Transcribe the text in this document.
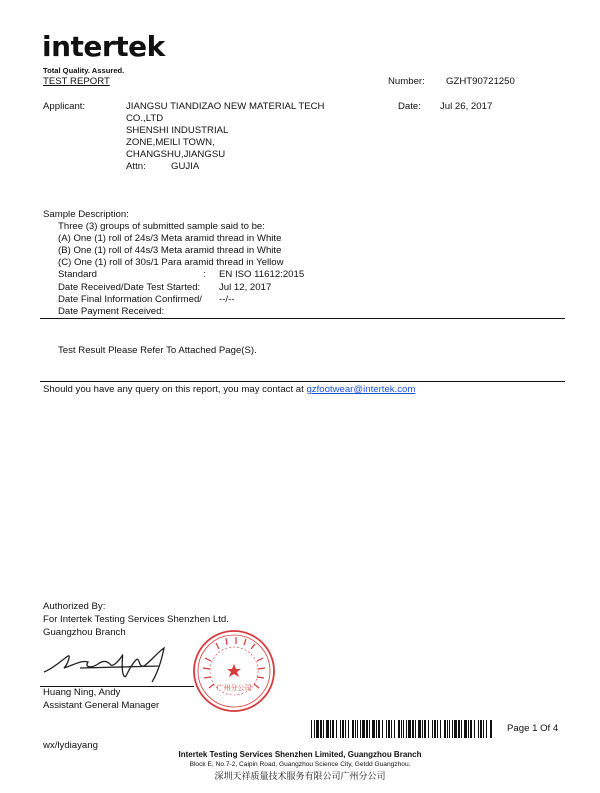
intertek
Total Quality. Assured.
TEST REPORT	Number: GZHT90721250
Applicant:	JIANGSU TIANDIZAO NEW MATERIAL TECH
CO.,LTD
SHENSHI INDUSTRIAL
ZONE,MEILI TOWN,
CHANGSHU,JIANGSU
Attn:	GUJIA
Date: Jul 26, 2017
Sample Description:
Three (3) groups of submitted sample said to be:
(A) One (1) roll of 24s/3 Meta aramid thread in White
(B) One (1) roll of 44s/3 Meta aramid thread in White
(C) One (1) roll of 30s/1 Para aramid thread in Yellow
Standard	: EN ISO 11612:2015
Date Received/Date Test Started: Jul 12, 2017
Date Final Information Confirmed/ --/--
Date Payment Received:
Test Result Please Refer To Attached Page(S).
Should you have any query on this report, you may contact at gzfootwear@intertek.com
Authorized By:
For Intertek Testing Services Shenzhen Ltd.
Guangzhou Branch
广州分公司
Huang Ning, Andy
Assistant General Manager
Page 1 Of 4
wx/lydiayang
Intertek Testing Services Shenzhen Limited, Guangzhou Branch
Block E, No.7-2, Caipin Road, Guangzhou Science City, Getdd Guangzhou.
深圳天祥质量技术服务有限公司广州分公司
